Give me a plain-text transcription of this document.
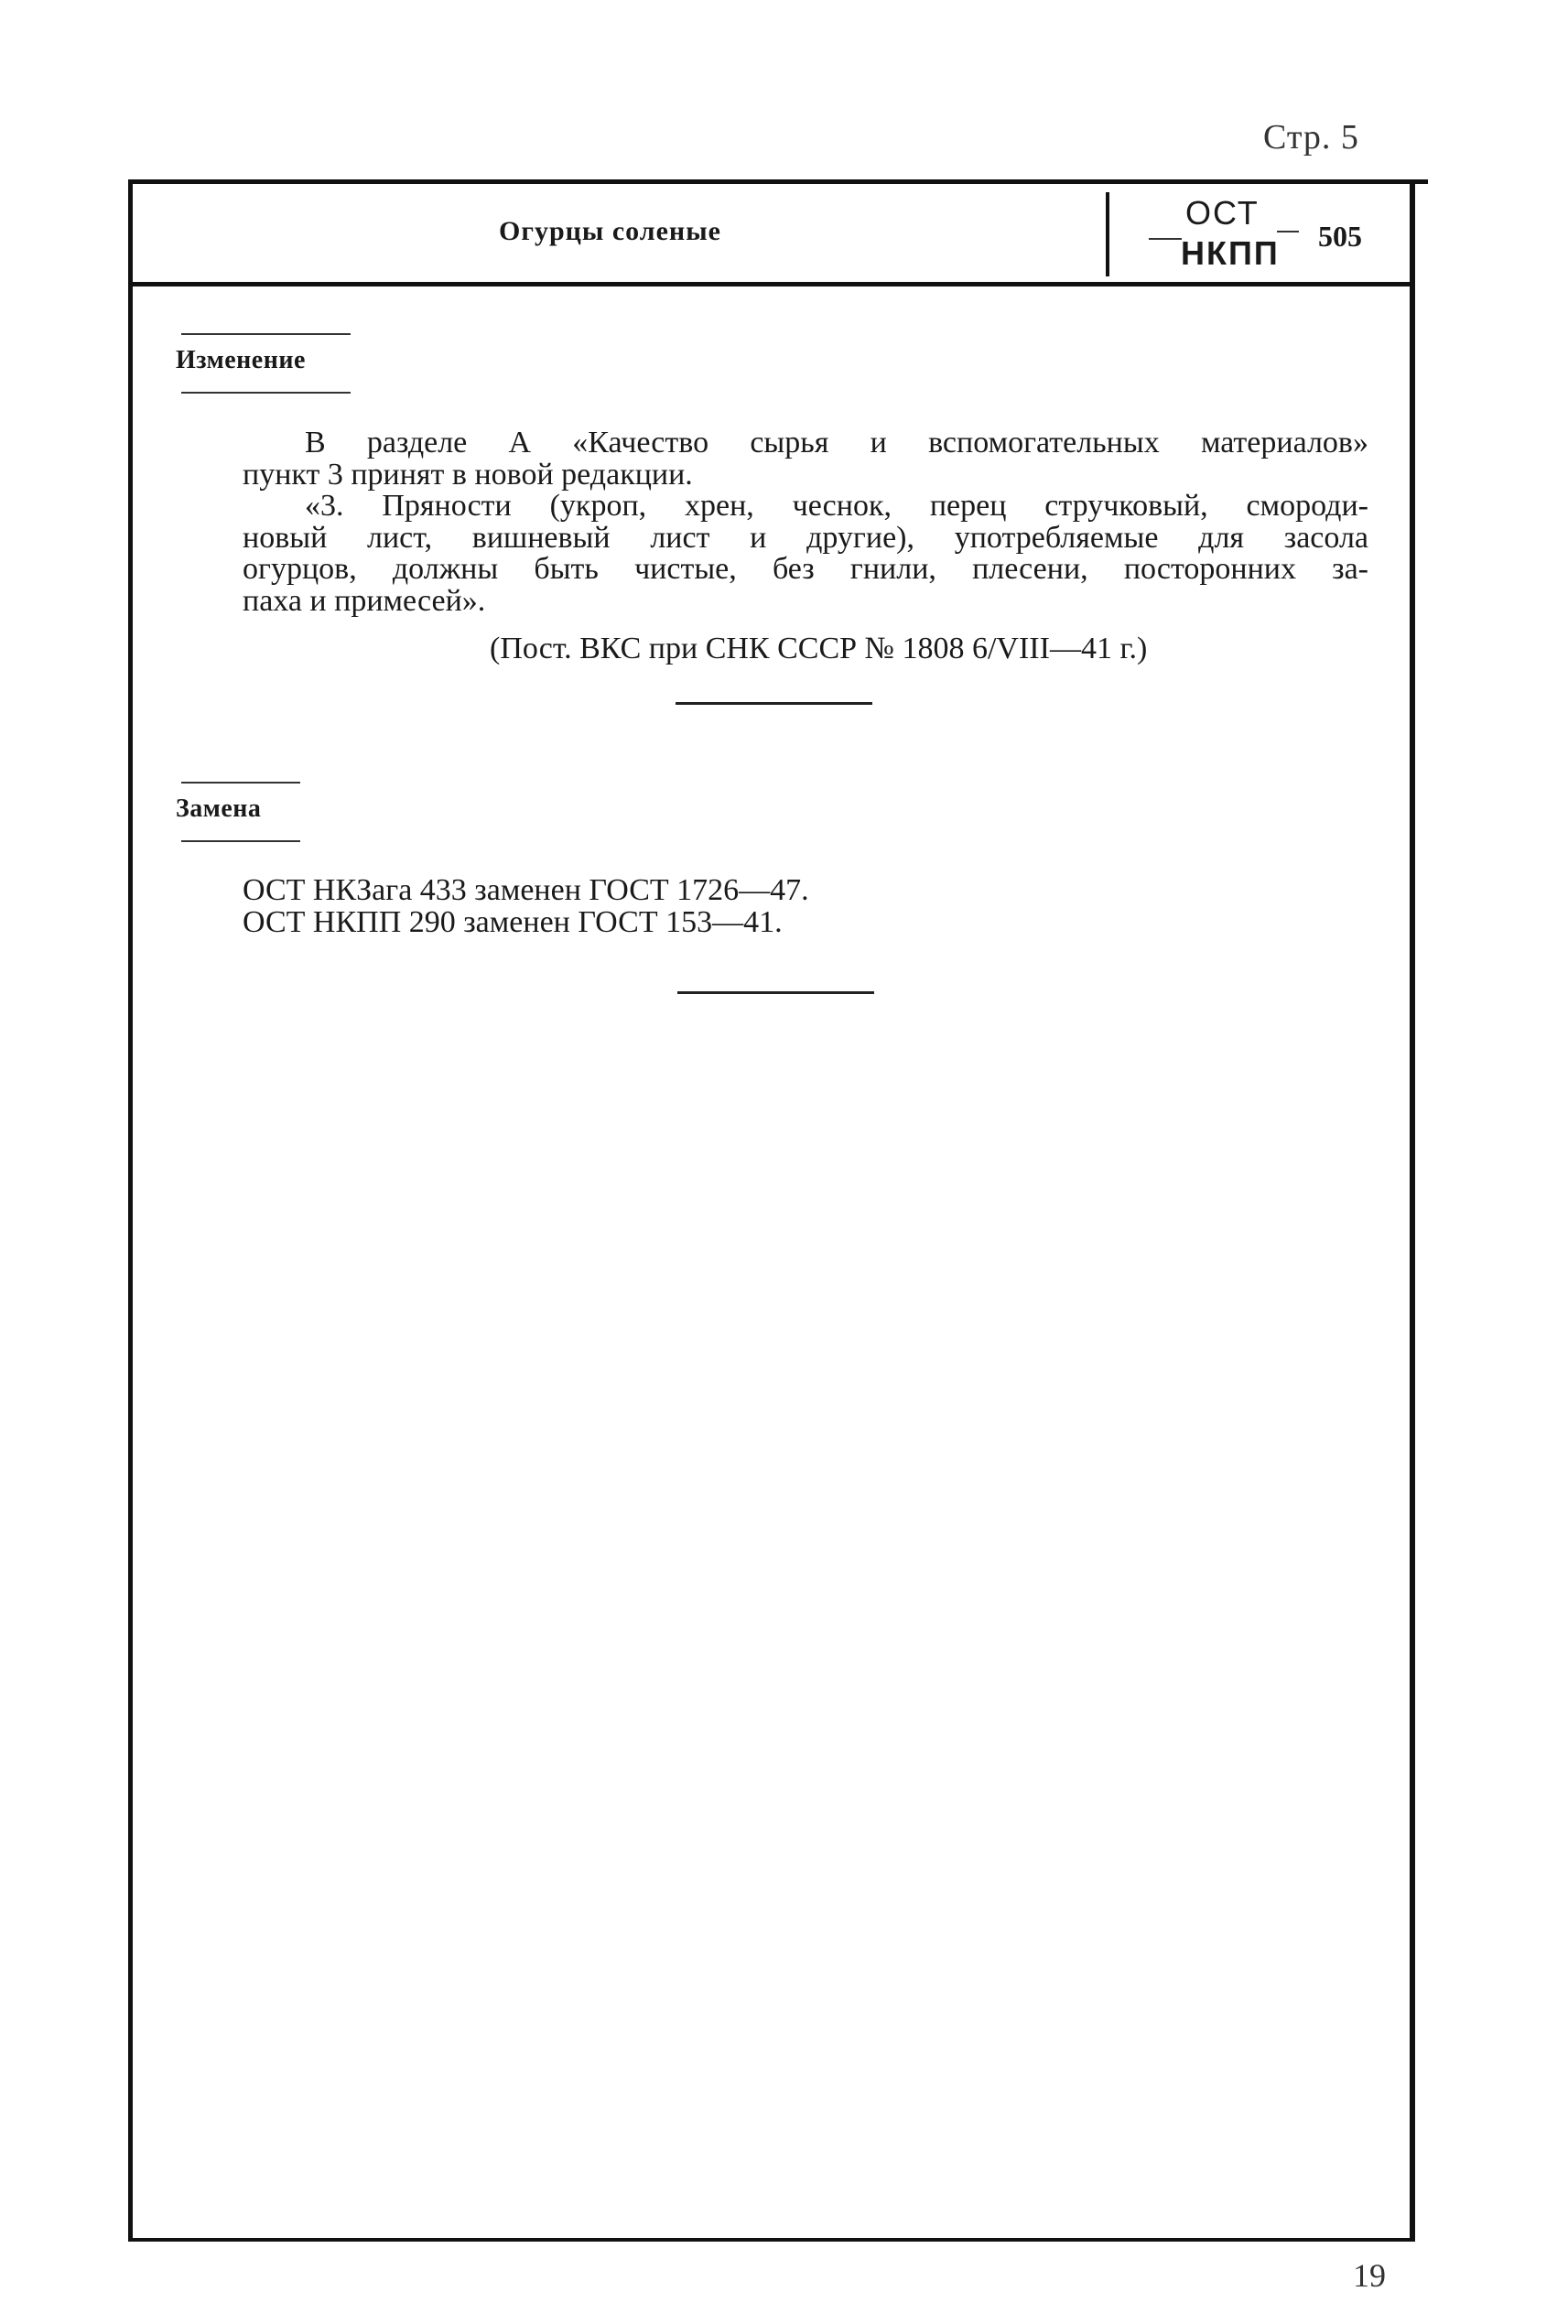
Стр. 5
Огурцы соленые	ОСТ
НКПП 505
Изменение
В разделе А «Качество сырья и вспомогательных материалов»
пункт 3 принят в новой редакции.
«3. Пряности (укроп, хрен, чеснок, перец стручковый, смороди-
новый лист, вишневый лист и другие), употребляемые для засола
огурцов, должны быть чистые, без гнили, плесени, посторонних за-
паха и примесей».
(Пост. ВКС при СНК СССР № 1808 6/VIII—41 г.)
Замена
ОСТ НКЗага 433 заменен ГОСТ 1726—47.
ОСТ НКПП 290 заменен ГОСТ 153—41.
19
